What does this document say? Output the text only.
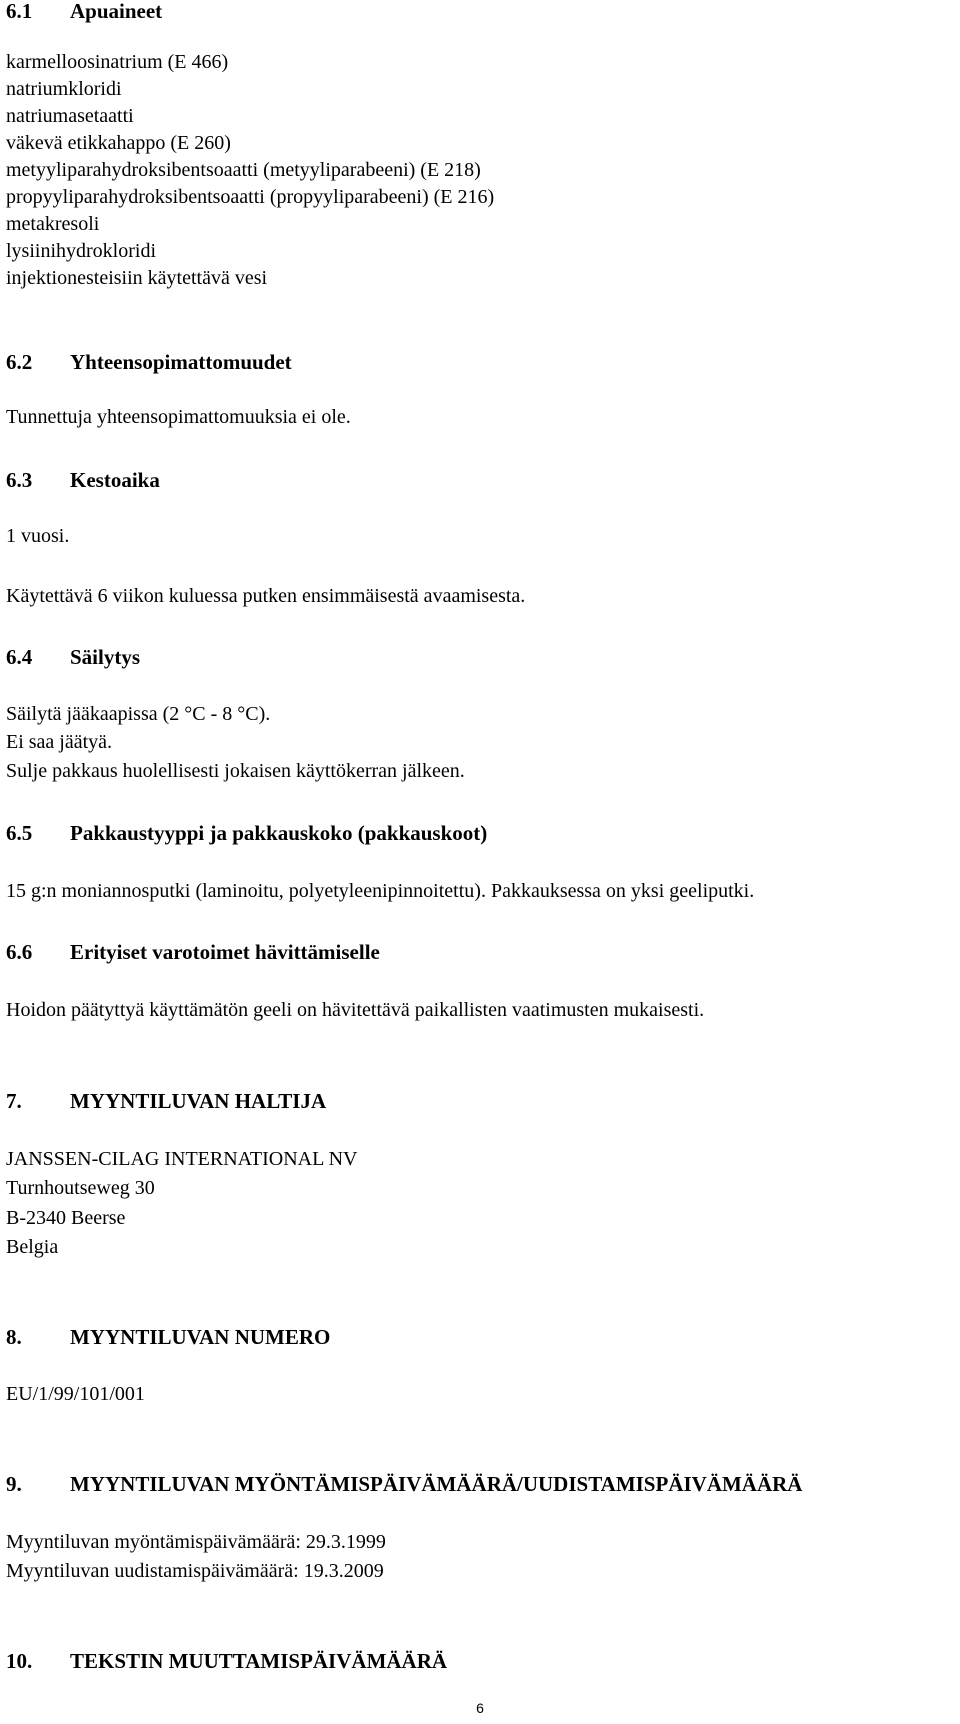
6.1 Apuaineet
karmelloosinatrium (E 466)
natriumkloridi
natriumasetaatti
väkevä etikkahappo (E 260)
metyyliparahydroksibentsoaatti (metyyliparabeeni) (E 218)
propyyliparahydroksibentsoaatti (propyyliparabeeni) (E 216)
metakresoli
lysiinihydrokloridi
injektionesteisiin käytettävä vesi
6.2 Yhteensopimattomuudet
Tunnettuja yhteensopimattomuuksia ei ole.
6.3 Kestoaika
1 vuosi.
Käytettävä 6 viikon kuluessa putken ensimmäisestä avaamisesta.
6.4 Säilytys
Säilytä jääkaapissa (2 °C - 8 °C).
Ei saa jäätyä.
Sulje pakkaus huolellisesti jokaisen käyttökerran jälkeen.
6.5 Pakkaustyyppi ja pakkauskoko (pakkauskoot)
15 g:n moniannosputki (laminoitu, polyetyleenipinnoitettu). Pakkauksessa on yksi geeliputki.
6.6 Erityiset varotoimet hävittämiselle
Hoidon päätyttyä käyttämätön geeli on hävitettävä paikallisten vaatimusten mukaisesti.
7. MYYNTILUVAN HALTIJA
JANSSEN-CILAG INTERNATIONAL NV
Turnhoutseweg 30
B-2340 Beerse
Belgia
8. MYYNTILUVAN NUMERO
EU/1/99/101/001
9. MYYNTILUVAN MYÖNTÄMISPÄIVÄMÄÄRÄ/UUDISTAMISPÄIVÄMÄÄRÄ
Myyntiluvan myöntämispäivämäärä: 29.3.1999
Myyntiluvan uudistamispäivämäärä: 19.3.2009
10. TEKSTIN MUUTTAMISPÄIVÄMÄÄRÄ
6
